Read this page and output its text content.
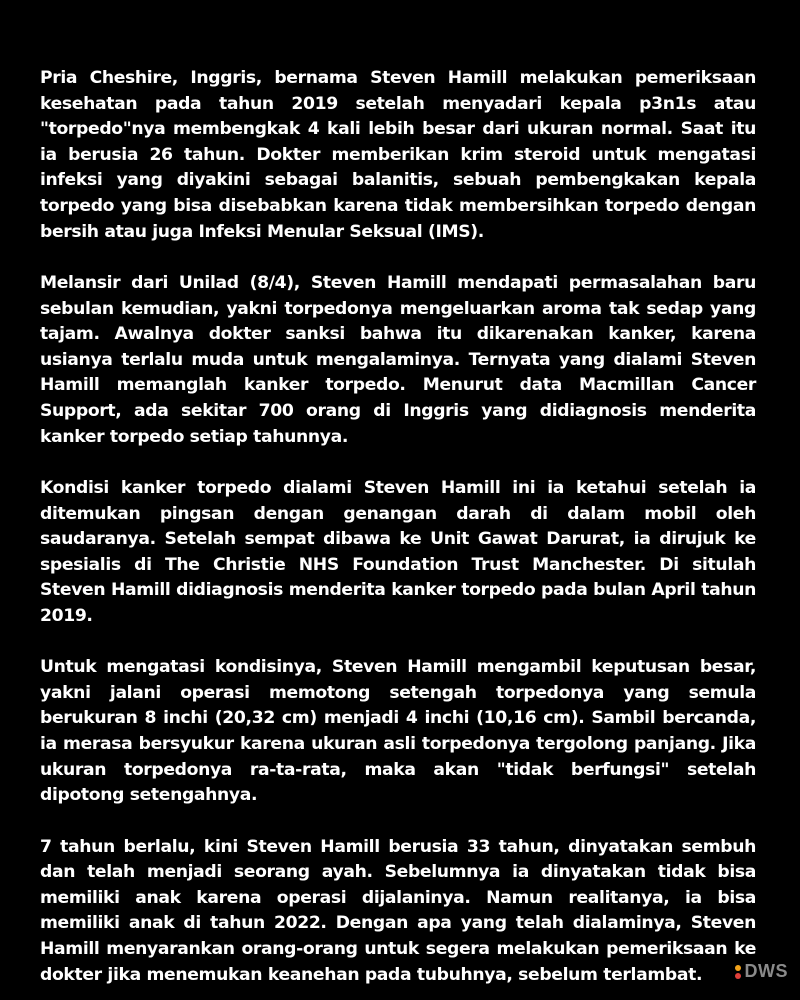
Pria Cheshire, Inggris, bernama Steven Hamill melakukan pemeriksaan kesehatan pada tahun 2019 setelah menyadari kepala p3n1s atau "torpedo"nya membengkak 4 kali lebih besar dari ukuran normal. Saat itu ia berusia 26 tahun. Dokter memberikan krim steroid untuk mengatasi infeksi yang diyakini sebagai balanitis, sebuah pembengkakan kepala torpedo yang bisa disebabkan karena tidak membersihkan torpedo dengan bersih atau juga Infeksi Menular Seksual (IMS).

Melansir dari Unilad (8/4), Steven Hamill mendapati permasalahan baru sebulan kemudian, yakni torpedonya mengeluarkan aroma tak sedap yang tajam. Awalnya dokter sanksi bahwa itu dikarenakan kanker, karena usianya terlalu muda untuk mengalaminya. Ternyata yang dialami Steven Hamill memanglah kanker torpedo. Menurut data Macmillan Cancer Support, ada sekitar 700 orang di Inggris yang didiagnosis menderita kanker torpedo setiap tahunnya.

Kondisi kanker torpedo dialami Steven Hamill ini ia ketahui setelah ia ditemukan pingsan dengan genangan darah di dalam mobil oleh saudaranya. Setelah sempat dibawa ke Unit Gawat Darurat, ia dirujuk ke spesialis di The Christie NHS Foundation Trust Manchester. Di situlah Steven Hamill didiagnosis menderita kanker torpedo pada bulan April tahun 2019.

Untuk mengatasi kondisinya, Steven Hamill mengambil keputusan besar, yakni jalani operasi memotong setengah torpedonya yang semula berukuran 8 inchi (20,32 cm) menjadi 4 inchi (10,16 cm). Sambil bercanda, ia merasa bersyukur karena ukuran asli torpedonya tergolong panjang. Jika ukuran torpedonya ra-ta-rata, maka akan "tidak berfungsi" setelah dipotong setengahnya.

7 tahun berlalu, kini Steven Hamill berusia 33 tahun, dinyatakan sembuh dan telah menjadi seorang ayah. Sebelumnya ia dinyatakan tidak bisa memiliki anak karena operasi dijalaninya. Namun realitanya, ia bisa memiliki anak di tahun 2022. Dengan apa yang telah dialaminya, Steven Hamill menyarankan orang-orang untuk segera melakukan pemeriksaan ke dokter jika menemukan keanehan pada tubuhnya, sebelum terlambat.	DWS
